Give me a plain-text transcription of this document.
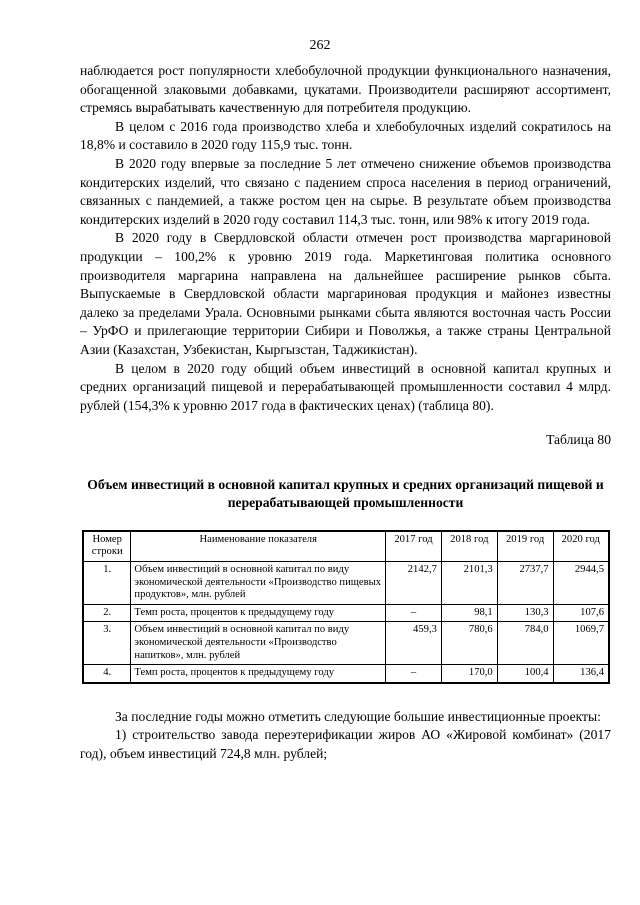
262

наблюдается рост популярности хлебобулочной продукции функционального назначения, обогащенной злаковыми добавками, цукатами. Производители расширяют ассортимент, стремясь вырабатывать качественную для потребителя продукцию.

В целом с 2016 года производство хлеба и хлебобулочных изделий сократилось на 18,8% и составило в 2020 году 115,9 тыс. тонн.

В 2020 году впервые за последние 5 лет отмечено снижение объемов производства кондитерских изделий, что связано с падением спроса населения в период ограничений, связанных с пандемией, а также ростом цен на сырье. В результате объем производства кондитерских изделий в 2020 году составил 114,3 тыс. тонн, или 98% к итогу 2019 года.

В 2020 году в Свердловской области отмечен рост производства маргариновой продукции – 100,2% к уровню 2019 года. Маркетинговая политика основного производителя маргарина направлена на дальнейшее расширение рынков сбыта. Выпускаемые в Свердловской области маргариновая продукция и майонез известны далеко за пределами Урала. Основными рынками сбыта являются восточная часть России – УрФО и прилегающие территории Сибири и Поволжья, а также страны Центральной Азии (Казахстан, Узбекистан, Кыргызстан, Таджикистан).

В целом в 2020 году общий объем инвестиций в основной капитал крупных и средних организаций пищевой и перерабатывающей промышленности составил 4 млрд. рублей (154,3% к уровню 2017 года в фактических ценах) (таблица 80).

Таблица 80
Объем инвестиций в основной капитал крупных и средних организаций пищевой и перерабатывающей промышленности
Номер строки	Наименование показателя	2017 год	2018 год	2019 год	2020 год
1.	Объем инвестиций в основной капитал по виду экономической деятельности «Производство пищевых продуктов», млн. рублей	2142,7	2101,3	2737,7	2944,5
2.	Темп роста, процентов к предыдущему году	–	98,1	130,3	107,6
3.	Объем инвестиций в основной капитал по виду экономической деятельности «Производство напитков», млн. рублей	459,3	780,6	784,0	1069,7
4.	Темп роста, процентов к предыдущему году	–	170,0	100,4	136,4

За последние годы можно отметить следующие большие инвестиционные проекты:

1) строительство завода переэтерификации жиров АО «Жировой комбинат» (2017 год), объем инвестиций 724,8 млн. рублей;
